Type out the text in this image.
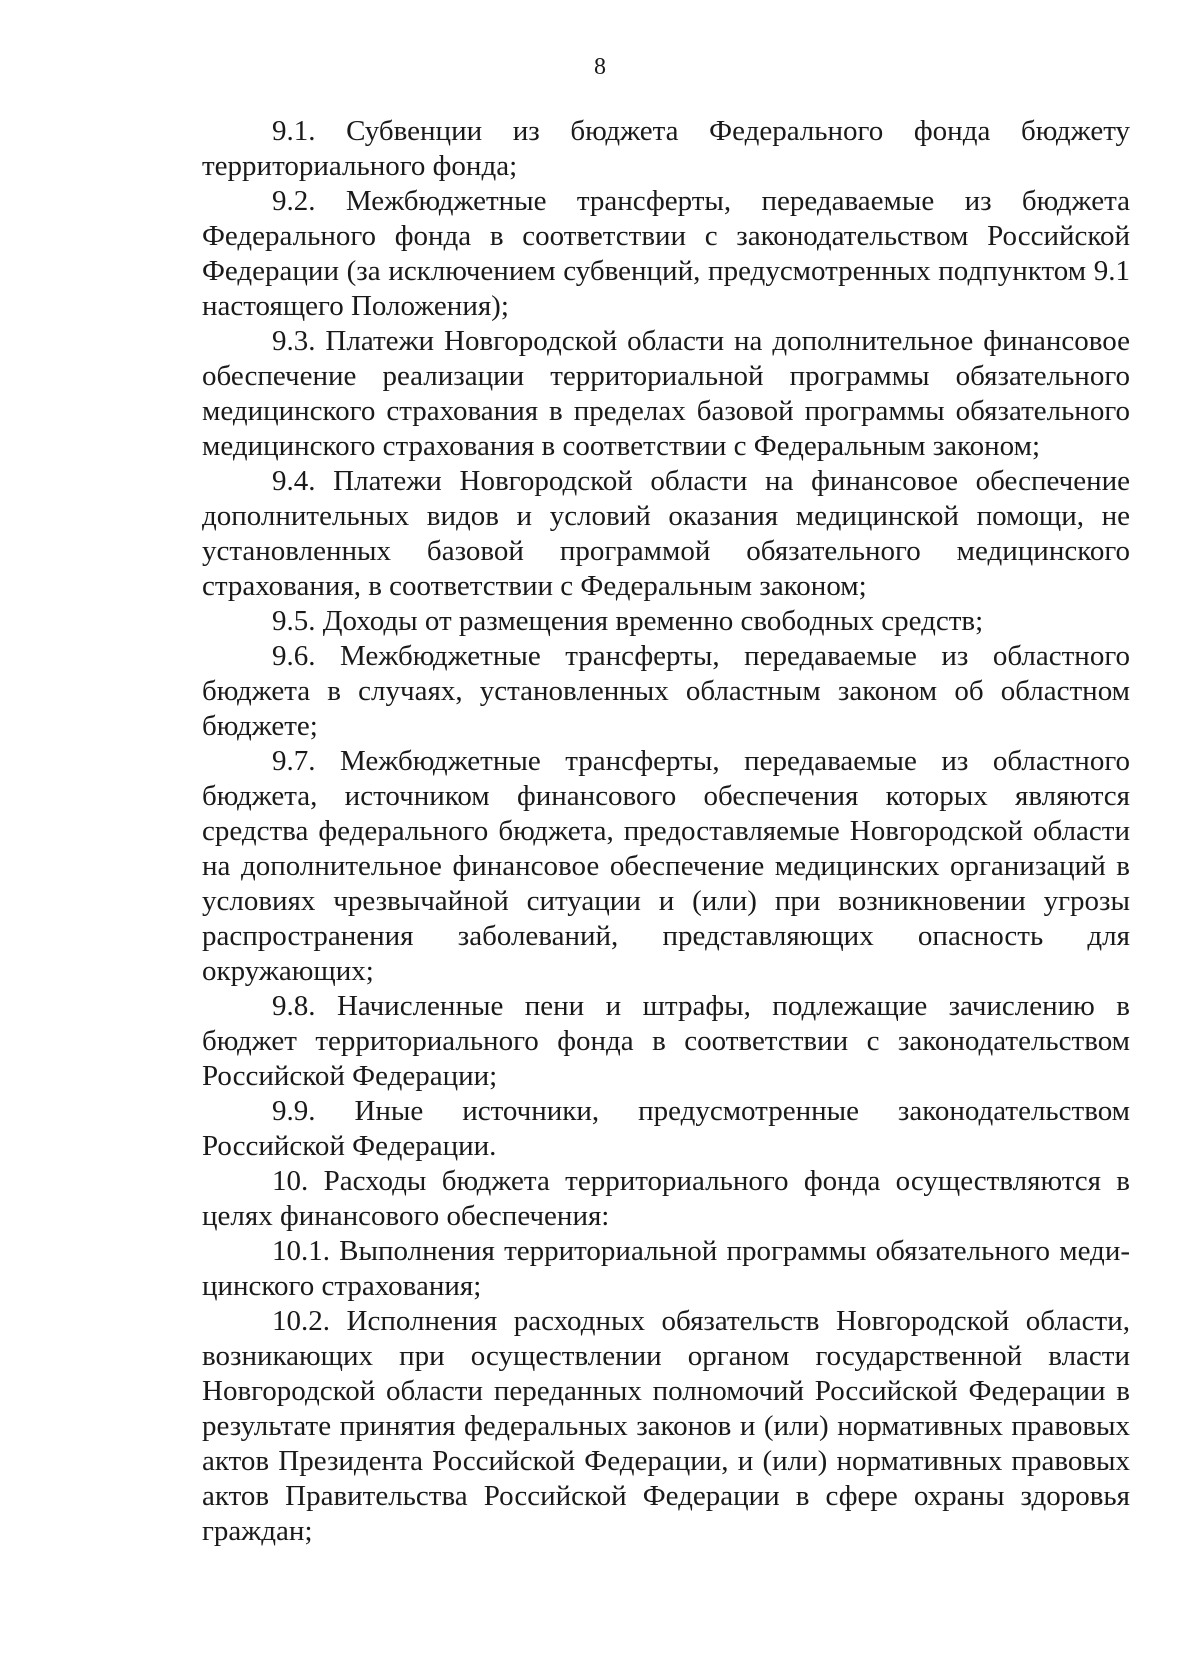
8

9.1. Субвенции из бюджета Федерального фонда бюджету территориального фонда;

9.2. Межбюджетные трансферты, передаваемые из бюджета Федерального фонда в соответствии с законодательством Российской Федерации (за исключением субвенций, предусмотренных подпунктом 9.1 настоящего Положения);

9.3. Платежи Новгородской области на дополнительное финансовое обеспечение реализации территориальной программы обязательного медицинского страхования в пределах базовой программы обязательного медицинского страхования в соответствии с Федеральным законом;

9.4. Платежи Новгородской области на финансовое обеспечение дополнительных видов и условий оказания медицинской помощи, не установленных базовой программой обязательного медицинского страхования, в соответствии с Федеральным законом;

9.5. Доходы от размещения временно свободных средств;

9.6. Межбюджетные трансферты, передаваемые из областного бюджета в случаях, установленных областным законом об областном бюджете;

9.7. Межбюджетные трансферты, передаваемые из областного бюджета, источником финансового обеспечения которых являются средства федерального бюджета, предоставляемые Новгородской области на дополнительное финансовое обеспечение медицинских организаций в условиях чрезвычайной ситуации и (или) при возникновении угрозы распространения заболеваний, представляющих опасность для окружающих;

9.8. Начисленные пени и штрафы, подлежащие зачислению в бюджет территориального фонда в соответствии с законодательством Российской Федерации;

9.9. Иные источники, предусмотренные законодательством Российской Федерации.

10. Расходы бюджета территориального фонда осуществляются в целях финансового обеспечения:

10.1. Выполнения территориальной программы обязательного меди-цинского страхования;

10.2. Исполнения расходных обязательств Новгородской области, возникающих при осуществлении органом государственной власти Новгородской области переданных полномочий Российской Федерации в результате принятия федеральных законов и (или) нормативных правовых актов Президента Российской Федерации, и (или) нормативных правовых актов Правительства Российской Федерации в сфере охраны здоровья граждан;
